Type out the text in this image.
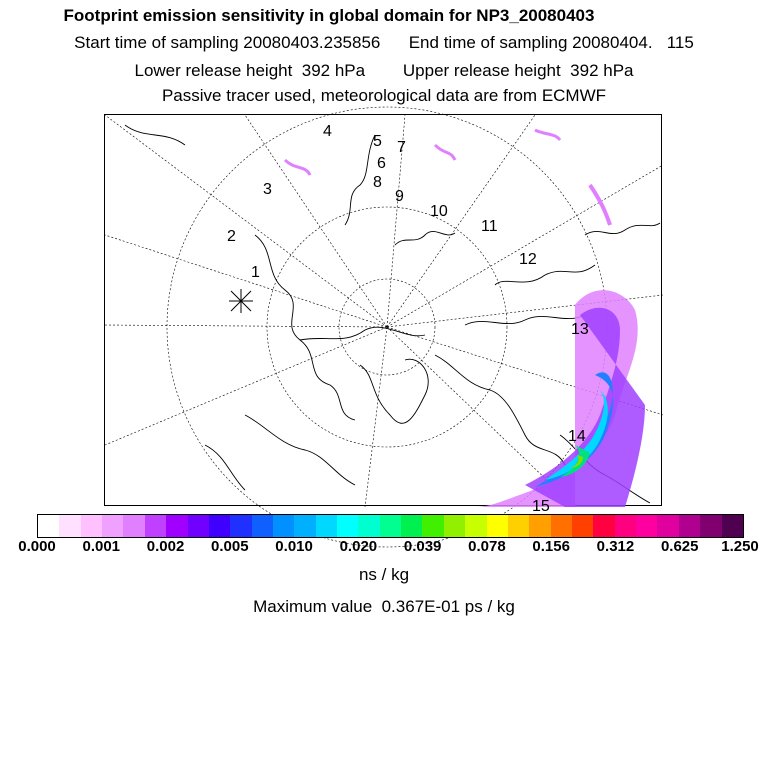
Footprint emission sensitivity in global domain for NP3_20080403
Start time of sampling 20080403.235856      End time of sampling 20080404.   115
Lower release height  392 hPa        Upper release height  392 hPa
Passive tracer used, meteorological data are from ECMWF
1
2
3
4
5
6
7
8
9
10
11
12
13
14
15
0.000 0.001 0.002 0.005 0.010 0.020 0.039 0.078 0.156 0.312 0.625 1.250
ns / kg
Maximum value  0.367E-01 ps / kg
